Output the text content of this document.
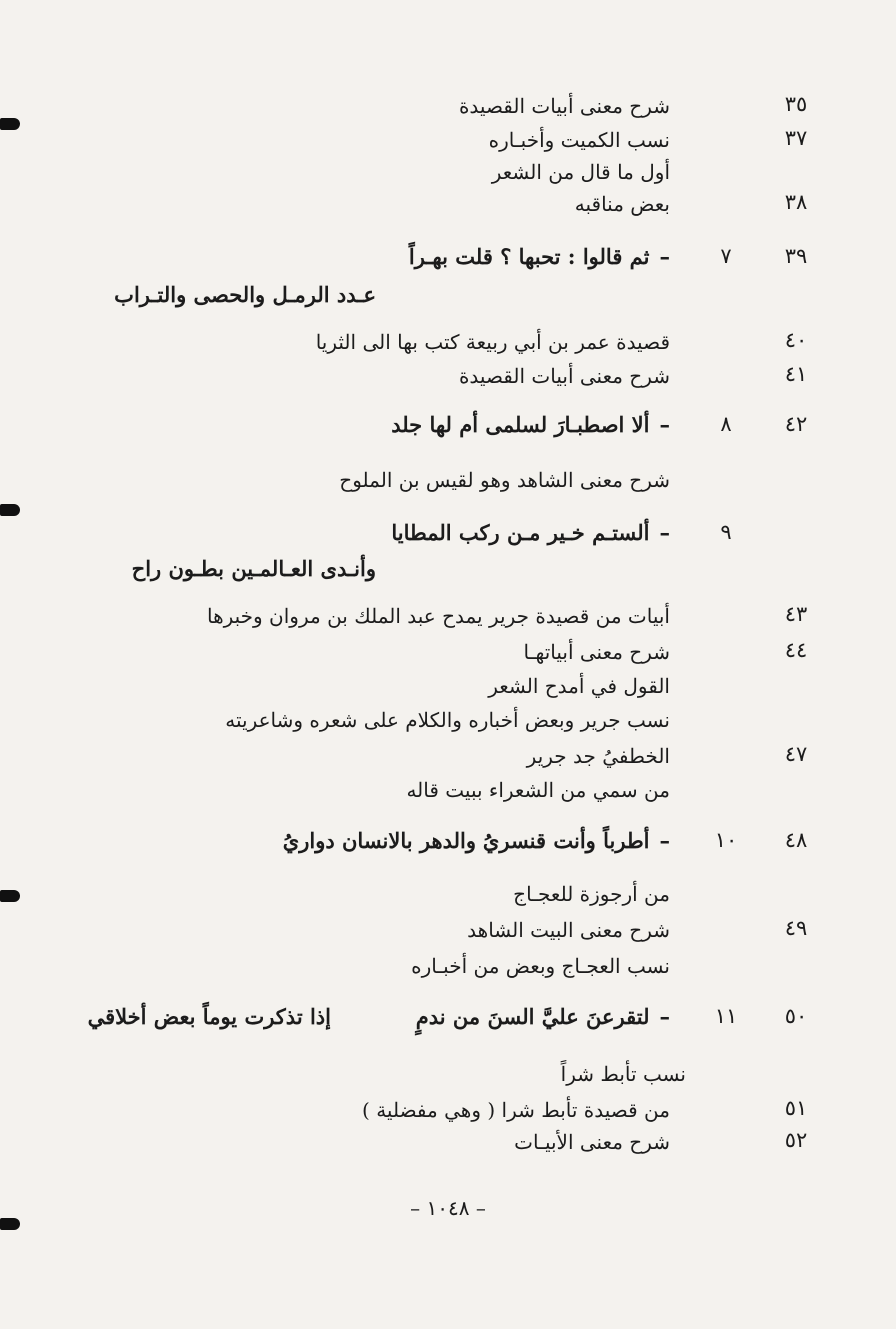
٣٥
شرح معنى أبيات القصيدة
٣٧
نسب الكميت وأخبـاره
أول ما قال من الشعر
٣٨
بعض مناقبه
٣٩
٧
–ثم قالوا : تحبها ؟ قلت بهـراً
عـدد الرمـل والحصى والتـراب
٤٠
قصيدة عمر بن أبي ربيعة كتب بها الى الثريا
٤١
شرح معنى أبيات القصيدة
٤٢
٨
–ألا اصطبـارَ لسلمى أم لها جلد
شرح معنى الشاهد وهو لقيس بن الملوح
٩
–ألستـم خـير مـن ركب المطايا
وأنـدى العـالمـين بطـون راح
٤٣
أبيات من قصيدة جرير يمدح عبد الملك بن مروان وخبرها
٤٤
شرح معنى أبياتهـا
القول في أمدح الشعر
نسب جرير وبعض أخباره والكلام على شعره وشاعريته
٤٧
الخطفيُ جد جرير
من سمي من الشعراء ببيت قاله
٤٨
١٠
–أطرباً وأنت قنسريُ
والدهر بالانسان دواريُ
من أرجوزة للعجـاج
٤٩
شرح معنى البيت الشاهد
نسب العجـاج وبعض من أخبـاره
٥٠
١١
–لتقرعنَ عليَّ السنَ من ندمٍ
إذا تذكرت يوماً بعض أخلاقي
نسب تأبط شراً
٥١
من قصيدة تأبط شرا ( وهي مفضلية )
٥٢
شرح معنى الأبيـات
– ١٠٤٨ –
